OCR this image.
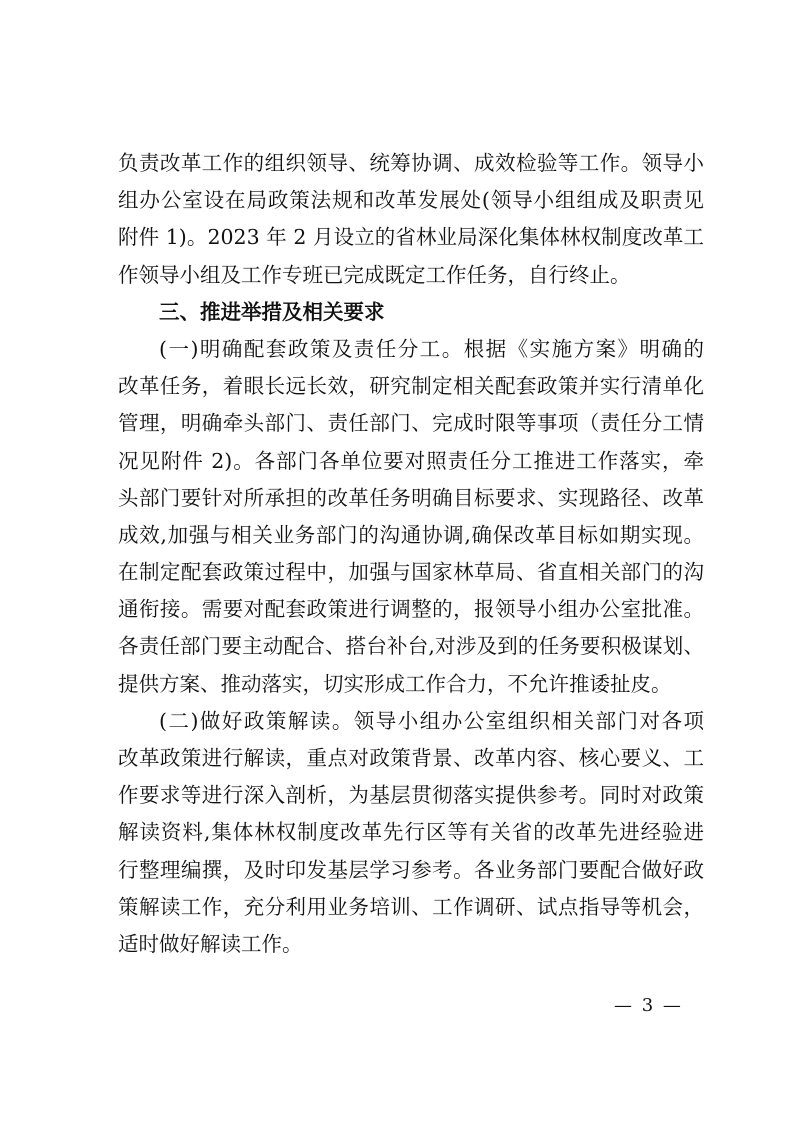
负责改革工作的组织领导、统筹协调、成效检验等工作。领导小
组办公室设在局政策法规和改革发展处(领导小组组成及职责见
附件 1)。2023 年 2 月设立的省林业局深化集体林权制度改革工
作领导小组及工作专班已完成既定工作任务，自行终止。
三、推进举措及相关要求
(一)明确配套政策及责任分工。根据《实施方案》明确的
改革任务，着眼长远长效，研究制定相关配套政策并实行清单化
管理，明确牵头部门、责任部门、完成时限等事项（责任分工情
况见附件 2)。各部门各单位要对照责任分工推进工作落实，牵
头部门要针对所承担的改革任务明确目标要求、实现路径、改革
成效,加强与相关业务部门的沟通协调,确保改革目标如期实现。
在制定配套政策过程中，加强与国家林草局、省直相关部门的沟
通衔接。需要对配套政策进行调整的，报领导小组办公室批准。
各责任部门要主动配合、搭台补台,对涉及到的任务要积极谋划、
提供方案、推动落实，切实形成工作合力，不允许推诿扯皮。
(二)做好政策解读。领导小组办公室组织相关部门对各项
改革政策进行解读，重点对政策背景、改革内容、核心要义、工
作要求等进行深入剖析，为基层贯彻落实提供参考。同时对政策
解读资料,集体林权制度改革先行区等有关省的改革先进经验进
行整理编撰，及时印发基层学习参考。各业务部门要配合做好政
策解读工作，充分利用业务培训、工作调研、试点指导等机会，
适时做好解读工作。
— 3 —
